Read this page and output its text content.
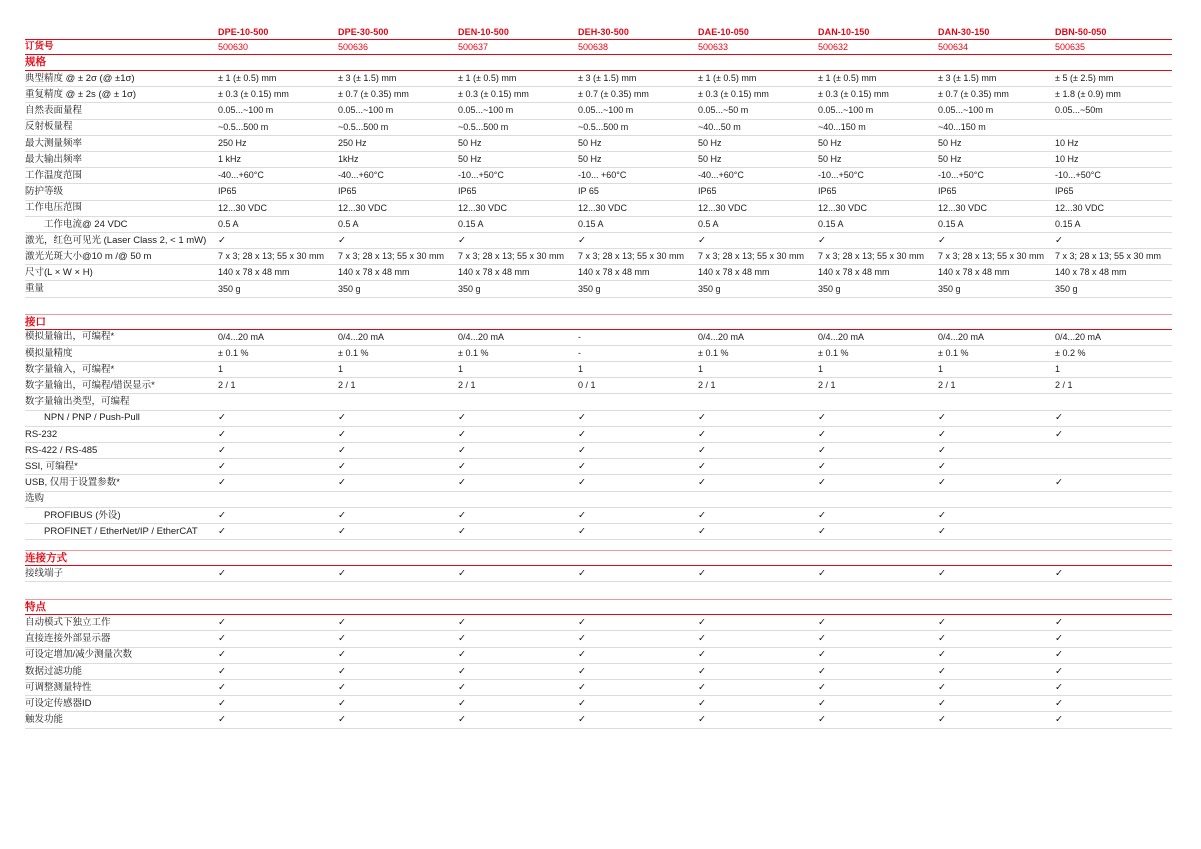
DPE-10-500	DPE-30-500	DEN-10-500	DEH-30-500	DAE-10-050	DAN-10-150	DAN-30-150	DBN-50-050
订货号	500630	500636	500637	500638	500633	500632	500634	500635
规格
典型精度 @ ± 2σ (@ ±1σ)	± 1 (± 0.5) mm	± 3 (± 1.5) mm	± 1 (± 0.5) mm	± 3 (± 1.5) mm	± 1 (± 0.5) mm	± 1 (± 0.5) mm	± 3 (± 1.5) mm	± 5 (± 2.5) mm
重复精度 @ ± 2s (@ ± 1σ)	± 0.3 (± 0.15) mm	± 0.7 (± 0.35) mm	± 0.3 (± 0.15) mm	± 0.7 (± 0.35) mm	± 0.3 (± 0.15) mm	± 0.3 (± 0.15) mm	± 0.7 (± 0.35) mm	± 1.8 (± 0.9) mm
自然表面量程	0.05...~100 m	0.05...~100 m	0.05...~100 m	0.05...~100 m	0.05...~50 m	0.05...~100 m	0.05...~100 m	0.05...~50m
反射板量程	~0.5...500 m	~0.5...500 m	~0.5...500 m	~0.5...500 m	~40...50 m	~40...150 m	~40...150 m
最大测量频率	250 Hz	250 Hz	50 Hz	50 Hz	50 Hz	50 Hz	50 Hz	10 Hz
最大输出频率	1 kHz	1kHz	50 Hz	50 Hz	50 Hz	50 Hz	50 Hz	10 Hz
工作温度范围	-40...+60°C	-40...+60°C	-10...+50°C	-10... +60°C	-40...+60°C	-10...+50°C	-10...+50°C	-10...+50°C
防护等级	IP65	IP65	IP65	IP 65	IP65	IP65	IP65	IP65
工作电压范围	12...30 VDC	12...30 VDC	12...30 VDC	12...30 VDC	12...30 VDC	12...30 VDC	12...30 VDC	12...30 VDC
工作电流@ 24 VDC	0.5 A	0.5 A	0.15 A	0.15 A	0.5 A	0.15 A	0.15 A	0.15 A
激光，红色可见光 (Laser Class 2, < 1 mW)	✓	✓	✓	✓	✓	✓	✓	✓
激光光斑大小@10 m /@ 50 m	7 x 3; 28 x 13; 55 x 30 mm	7 x 3; 28 x 13; 55 x 30 mm	7 x 3; 28 x 13; 55 x 30 mm	7 x 3; 28 x 13; 55 x 30 mm	7 x 3; 28 x 13; 55 x 30 mm	7 x 3; 28 x 13; 55 x 30 mm	7 x 3; 28 x 13; 55 x 30 mm	7 x 3; 28 x 13; 55 x 30 mm
尺寸(L × W × H)	140 x 78 x 48 mm	140 x 78 x 48 mm	140 x 78 x 48 mm	140 x 78 x 48 mm	140 x 78 x 48 mm	140 x 78 x 48 mm	140 x 78 x 48 mm	140 x 78 x 48 mm
重量	350 g	350 g	350 g	350 g	350 g	350 g	350 g	350 g
接口
模拟量输出，可编程*	0/4...20 mA	0/4...20 mA	0/4...20 mA	-	0/4...20 mA	0/4...20 mA	0/4...20 mA	0/4...20 mA
模拟量精度	± 0.1 %	± 0.1 %	± 0.1 %	-	± 0.1 %	± 0.1 %	± 0.1 %	± 0.2 %
数字量输入，可编程*	1	1	1	1	1	1	1	1
数字量输出，可编程/错误显示*	2 / 1	2 / 1	2 / 1	0 / 1	2 / 1	2 / 1	2 / 1	2 / 1
数字量输出类型，可编程
NPN / PNP / Push-Pull	✓	✓	✓	✓	✓	✓	✓	✓
RS-232	✓	✓	✓	✓	✓	✓	✓	✓
RS-422 / RS-485	✓	✓	✓	✓	✓	✓	✓
SSI, 可编程*	✓	✓	✓	✓	✓	✓	✓
USB, 仅用于设置参数*	✓	✓	✓	✓	✓	✓	✓	✓
选购
PROFIBUS (外设)	✓	✓	✓	✓	✓	✓	✓
PROFINET / EtherNet/IP / EtherCAT	✓	✓	✓	✓	✓	✓	✓
连接方式
接线端子	✓	✓	✓	✓	✓	✓	✓	✓
特点
自动模式下独立工作	✓	✓	✓	✓	✓	✓	✓	✓
直接连接外部显示器	✓	✓	✓	✓	✓	✓	✓	✓
可设定增加/减少测量次数	✓	✓	✓	✓	✓	✓	✓	✓
数据过滤功能	✓	✓	✓	✓	✓	✓	✓	✓
可调整测量特性	✓	✓	✓	✓	✓	✓	✓	✓
可设定传感器ID	✓	✓	✓	✓	✓	✓	✓	✓
触发功能	✓	✓	✓	✓	✓	✓	✓	✓
